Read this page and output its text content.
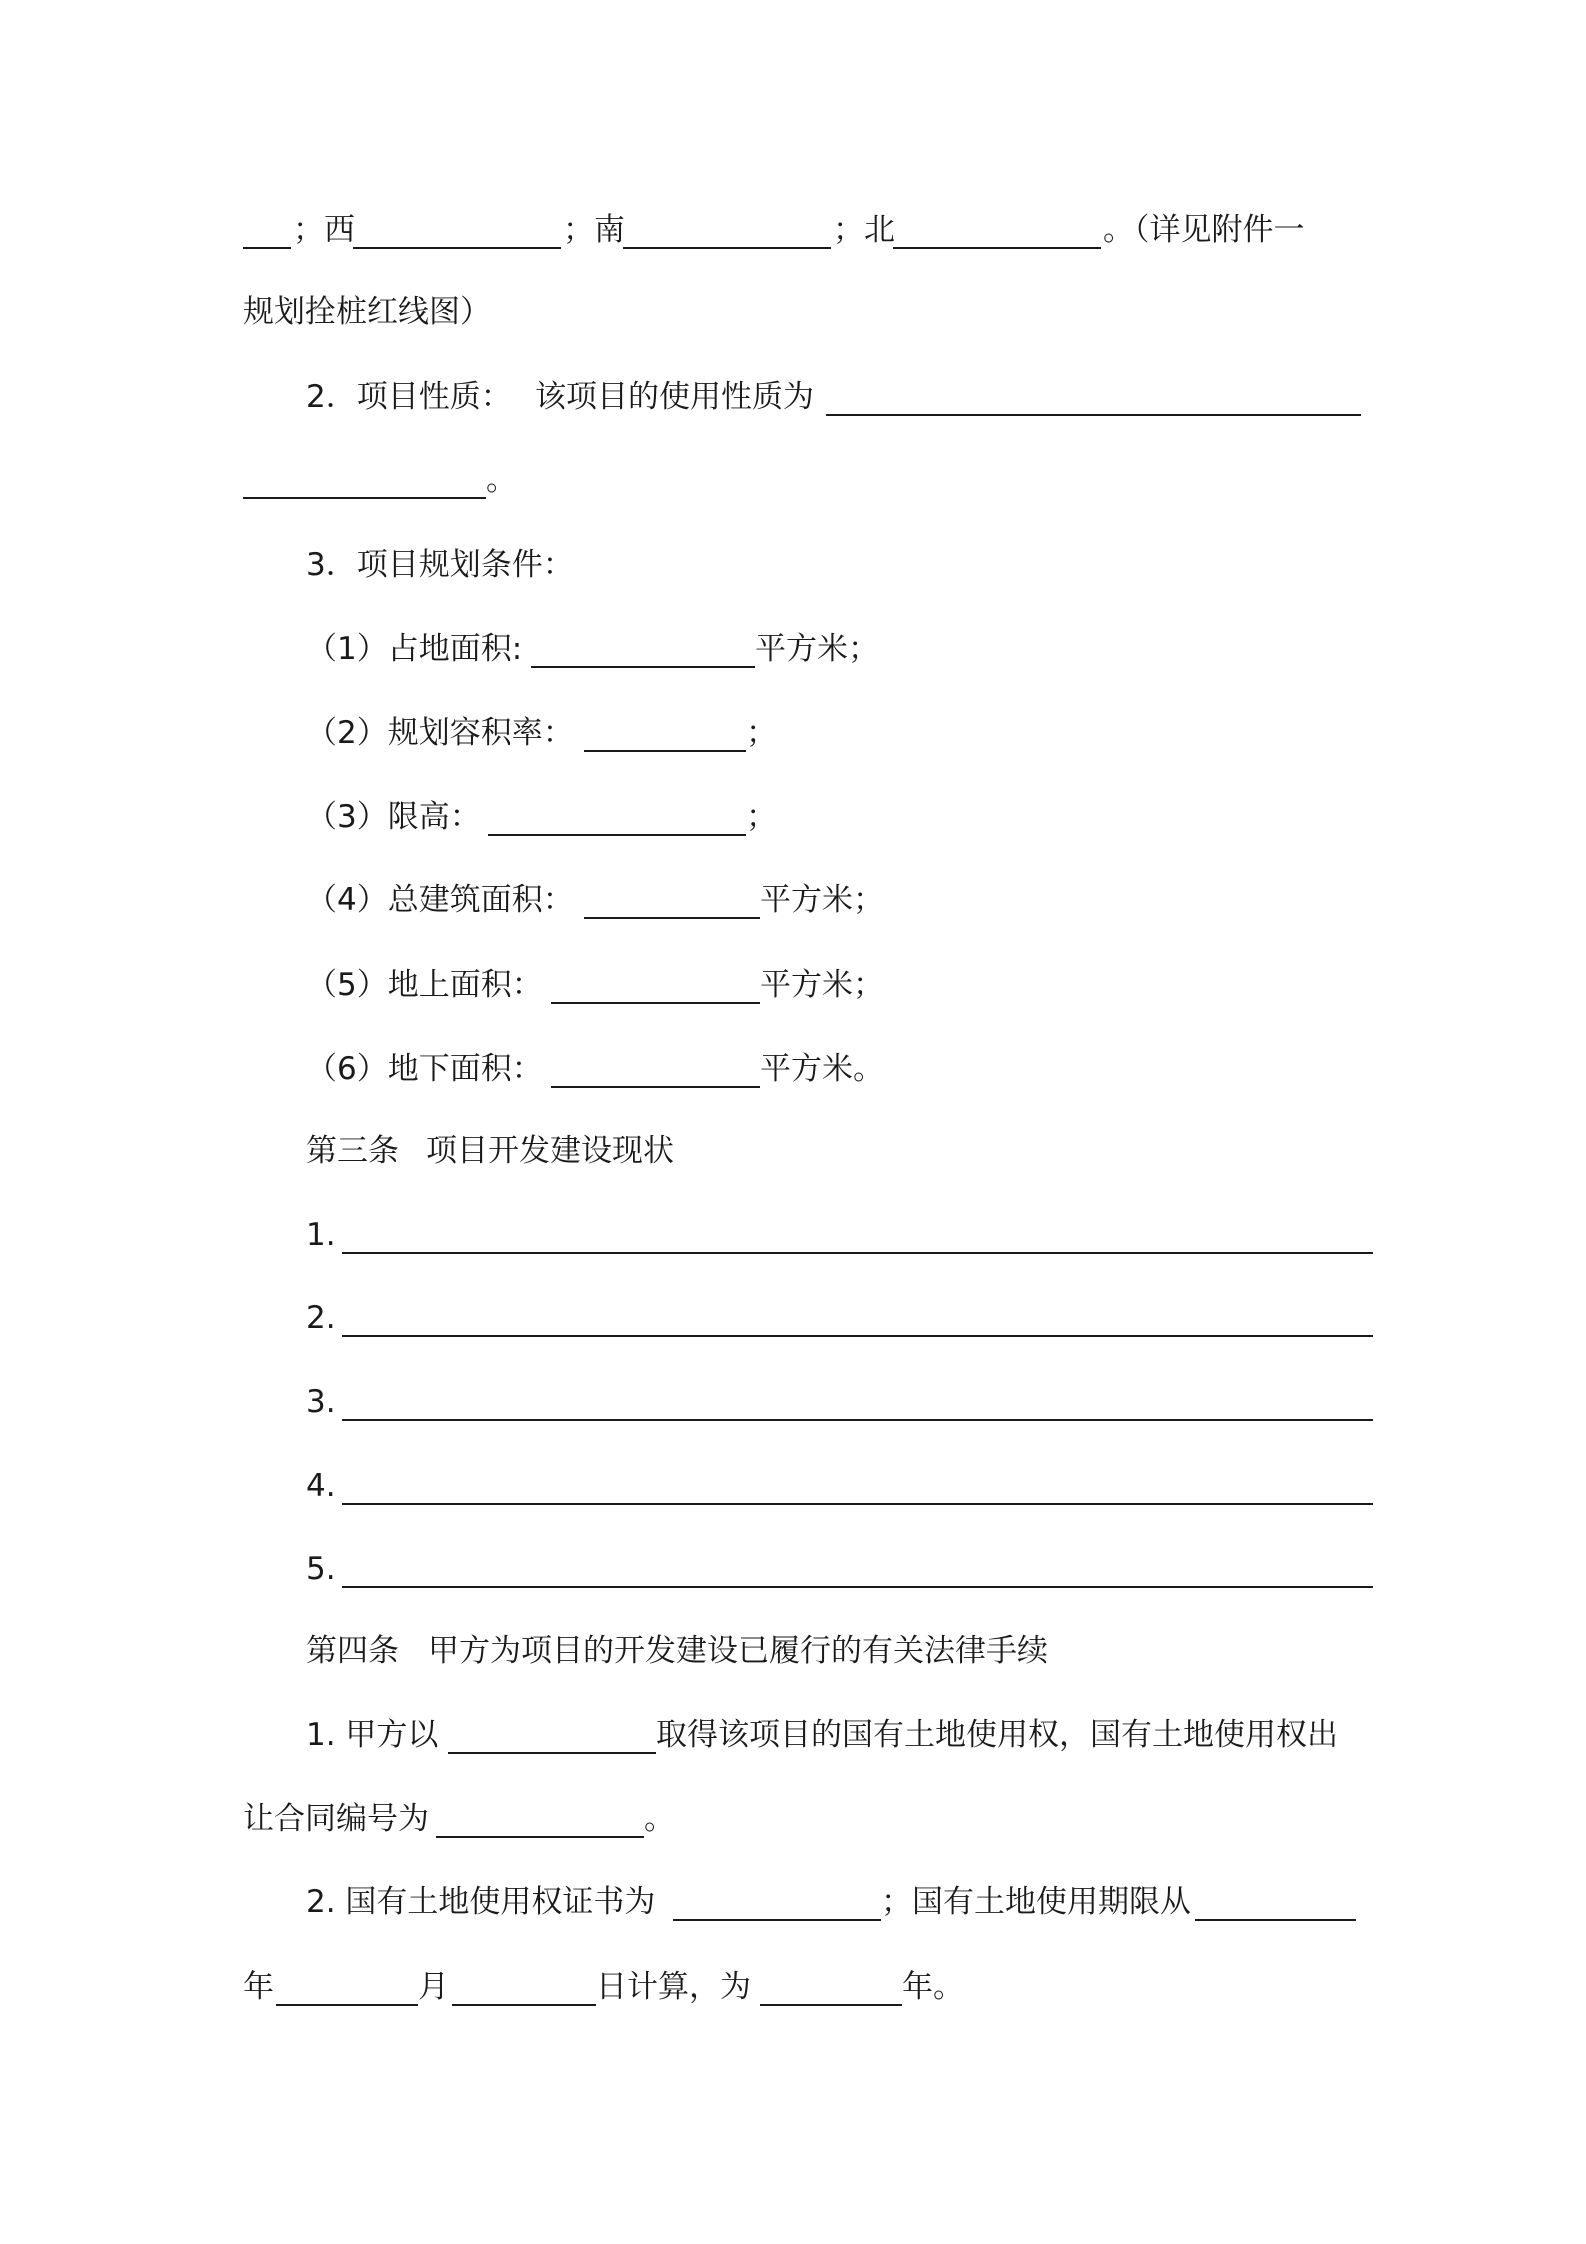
；西	；南	；北	。（详见附件一
规划拴桩红线图）
2．项目性质： 该项目的使用性质为
。
3．项目规划条件：
（1）占地面积:	平方米；
（2）规划容积率：	；
（3）限高：	；
（4）总建筑面积：	平方米；
（5）地上面积：	平方米；
（6）地下面积：	平方米。
第三条 项目开发建设现状
1.
2.
3.
4.
5.
第四条 甲方为项目的开发建设已履行的有关法律手续
1. 甲方以	取得该项目的国有土地使用权，国有土地使用权出
让合同编号为	。
2. 国有土地使用权证书为	；国有土地使用期限从
年	月	日计算，为	年。
